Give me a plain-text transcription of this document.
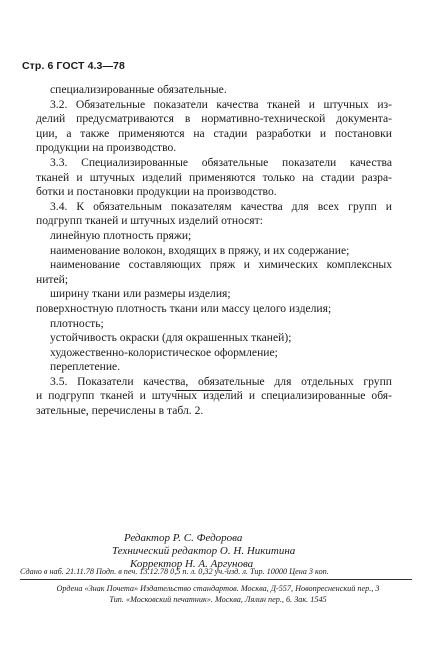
Стр. 6 ГОСТ 4.3—78
специализированные обязательные.
3.2. Обязательные показатели качества тканей и штучных из-
делий предусматриваются в нормативно-технической документа-
ции, а также применяются на стадии разработки и постановки
продукции на производство.
3.3. Специализированные обязательные показатели качества
тканей и штучных изделий применяются только на стадии разра-
ботки и постановки продукции на производство.
3.4. К обязательным показателям качества для всех групп и
подгрупп тканей и штучных изделий относят:
линейную плотность пряжи;
наименование волокон, входящих в пряжу, и их содержание;
наименование составляющих пряж и химических комплексных
нитей;
ширину ткани или размеры изделия;
поверхностную плотность ткани или массу целого изделия;
плотность;
устойчивость окраски (для окрашенных тканей);
художественно-колористическое оформление;
переплетение.
3.5. Показатели качества, обязательные для отдельных групп
и подгрупп тканей и штучных изделий и специализированные обя-
зательные, перечислены в табл. 2.
Редактор Р. С. Федорова
Технический редактор О. Н. Никитина
Корректор Н. А. Аргунова
Сдано в наб. 21.11.78 Подп. в печ. 13.12.78 0,5 п. л. 0,32 уч.-изд. л. Тир. 10000 Цена 3 коп.
Ордена «Знак Почета» Издательство стандартов. Москва, Д-557, Новопресненский пер., 3
Тип. «Московский печатник». Москва, Лялин пер., 6. Зак. 1545
